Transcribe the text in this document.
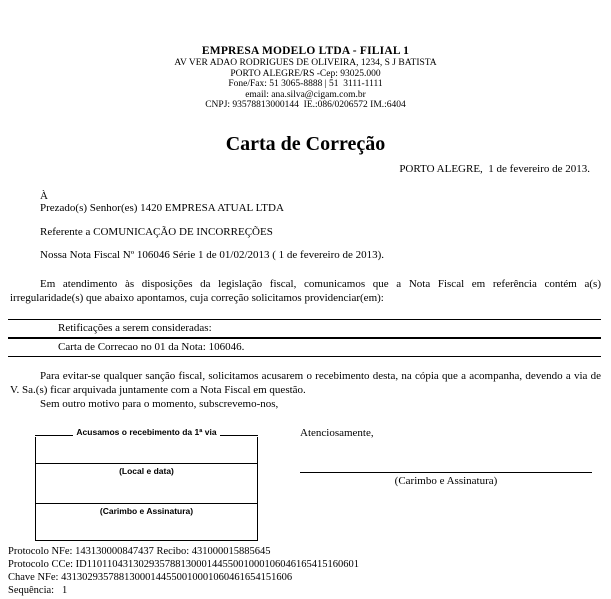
EMPRESA MODELO LTDA - FILIAL 1
AV VER ADAO RODRIGUES DE OLIVEIRA, 1234, S J BATISTA
PORTO ALEGRE/RS -Cep: 93025.000
Fone/Fax: 51 3065-8888 | 51  3111-1111
email: ana.silva@cigam.com.br
CNPJ: 93578813000144  IE.:086/0206572 IM.:6404
Carta de Correção
PORTO ALEGRE,  1 de fevereiro de 2013.
À
Prezado(s) Senhor(es) 1420 EMPRESA ATUAL LTDA
Referente a COMUNICAÇÃO DE INCORREÇÕES
Nossa Nota Fiscal Nº 106046 Série 1 de 01/02/2013 ( 1 de fevereiro de 2013).

Em atendimento às disposições da legislação fiscal, comunicamos que a Nota Fiscal em referência contém a(s) irregularidade(s) que abaixo apontamos, cuja correção solicitamos providenciar(em):

Retificações a serem consideradas:
Carta de Correcao no 01 da Nota: 106046.

Para evitar-se qualquer sanção fiscal, solicitamos acusarem o recebimento desta, na cópia que a acompanha, devendo a via de V. Sa.(s) ficar arquivada juntamente com a Nota Fiscal em questão.

Sem outro motivo para o momento, subscrevemo-nos,
Acusamos o recebimento da 1ª via
(Local e data)
(Carimbo e Assinatura)
Atenciosamente,
(Carimbo e Assinatura)
Protocolo NFe: 143130000847437 Recibo: 431000015885645
Protocolo CCe: ID1101104313029357881300014455001000106046165415160601
Chave NFe: 43130293578813000144550010001060461654151606
Sequência:   1
